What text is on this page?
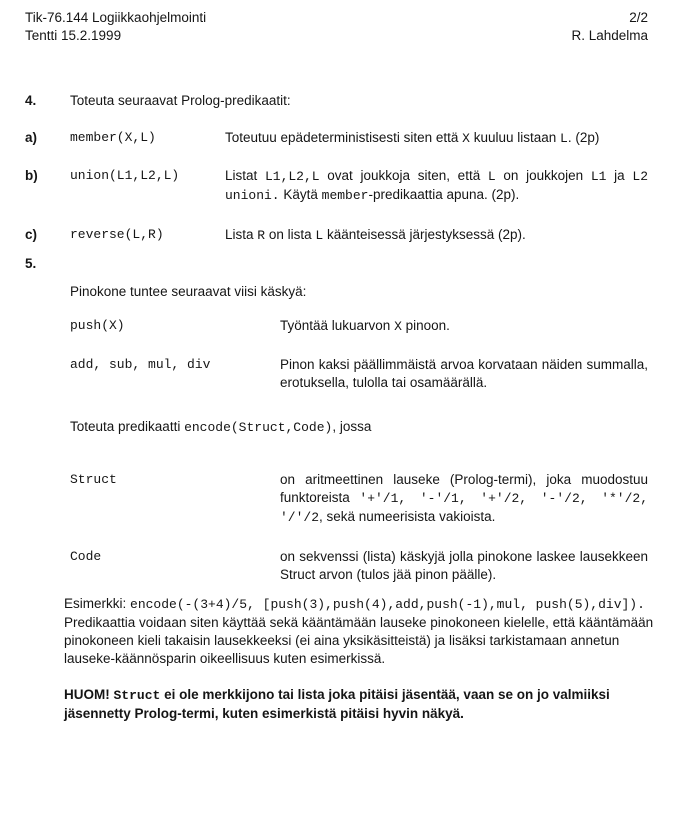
Tik-76.144 Logiikkaohjelmointi
Tentti 15.2.1999
2/2
R. Lahdelma
4.	Toteuta seuraavat Prolog-predikaatit:
a)	member(X,L)	Toteutuu epädeterministisesti siten että X kuuluu listaan L. (2p)
b)	union(L1,L2,L)	Listat L1,L2,L ovat joukkoja siten, että L on joukkojen L1 ja L2 unioni. Käytä member-predikaattia apuna. (2p).
c)	reverse(L,R)	Lista R on lista L käänteisessä järjestyksessä (2p).
5.

Pinokone tuntee seuraavat viisi käskyä:

push(X)	Työntää lukuarvon X pinoon.
add, sub, mul, div	Pinon kaksi päällimmäistä arvoa korvataan näiden summalla, erotuksella, tulolla tai osamäärällä.

Toteuta predikaatti encode(Struct,Code), jossa

Struct	on aritmeettinen lauseke (Prolog-termi), joka muodostuu funktoreista '+'/1, '-'/1, '+'/2, '-'/2, '*'/2, '/'/2, sekä numeerisista vakioista.
Code	on sekvenssi (lista) käskyjä jolla pinokone laskee lausekkeen Struct arvon (tulos jää pinon päälle).

Esimerkki: encode(-(3+4)/5, [push(3),push(4),add,push(-1),mul, push(5),div]). Predikaattia voidaan siten käyttää sekä kääntämään lauseke pinokoneen kielelle, että kääntämään pinokoneen kieli takaisin lausekkeeksi (ei aina yksikäsitteistä) ja lisäksi tarkistamaan annetun lauseke-käännösparin oikeellisuus kuten esimerkissä.

HUOM! Struct ei ole merkkijono tai lista joka pitäisi jäsentää, vaan se on jo valmiiksi jäsennetty Prolog-termi, kuten esimerkistä pitäisi hyvin näkyä.
